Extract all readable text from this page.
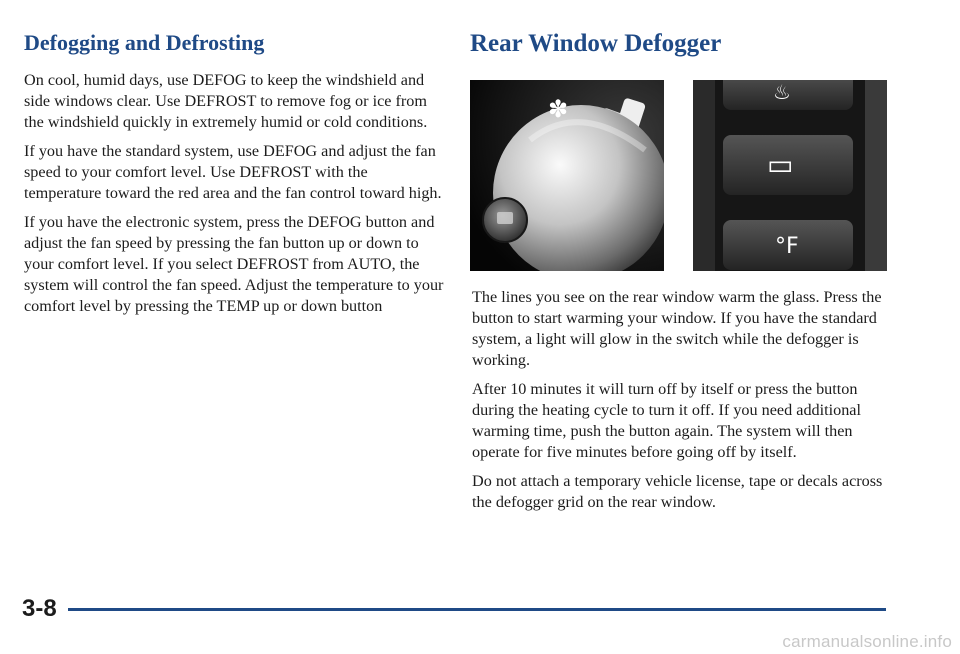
Defogging and Defrosting	Rear Window Defogger

On cool, humid days, use DEFOG to keep the windshield and side windows clear. Use DEFROST to remove fog or ice from the windshield quickly in extremely humid or cold conditions.

If you have the standard system, use DEFOG and adjust the fan speed to your comfort level. Use DEFROST with the temperature toward the red area and the fan control toward high.

If you have the electronic system, press the DEFOG button and adjust the fan speed by pressing the fan button up or down to your comfort level. If you select DEFROST from AUTO, the system will control the fan speed. Adjust the temperature to your comfort level by pressing the TEMP up or down button

✽
♨
▭
°F

The lines you see on the rear window warm the glass. Press the button to start warming your window. If you have the standard system, a light will glow in the switch while the defogger is working.

After 10 minutes it will turn off by itself or press the button during the heating cycle to turn it off. If you need additional warming time, push the button again. The system will then operate for five minutes before going off by itself.

Do not attach a temporary vehicle license, tape or decals across the defogger grid on the rear window.

3-8
carmanualsonline.info
